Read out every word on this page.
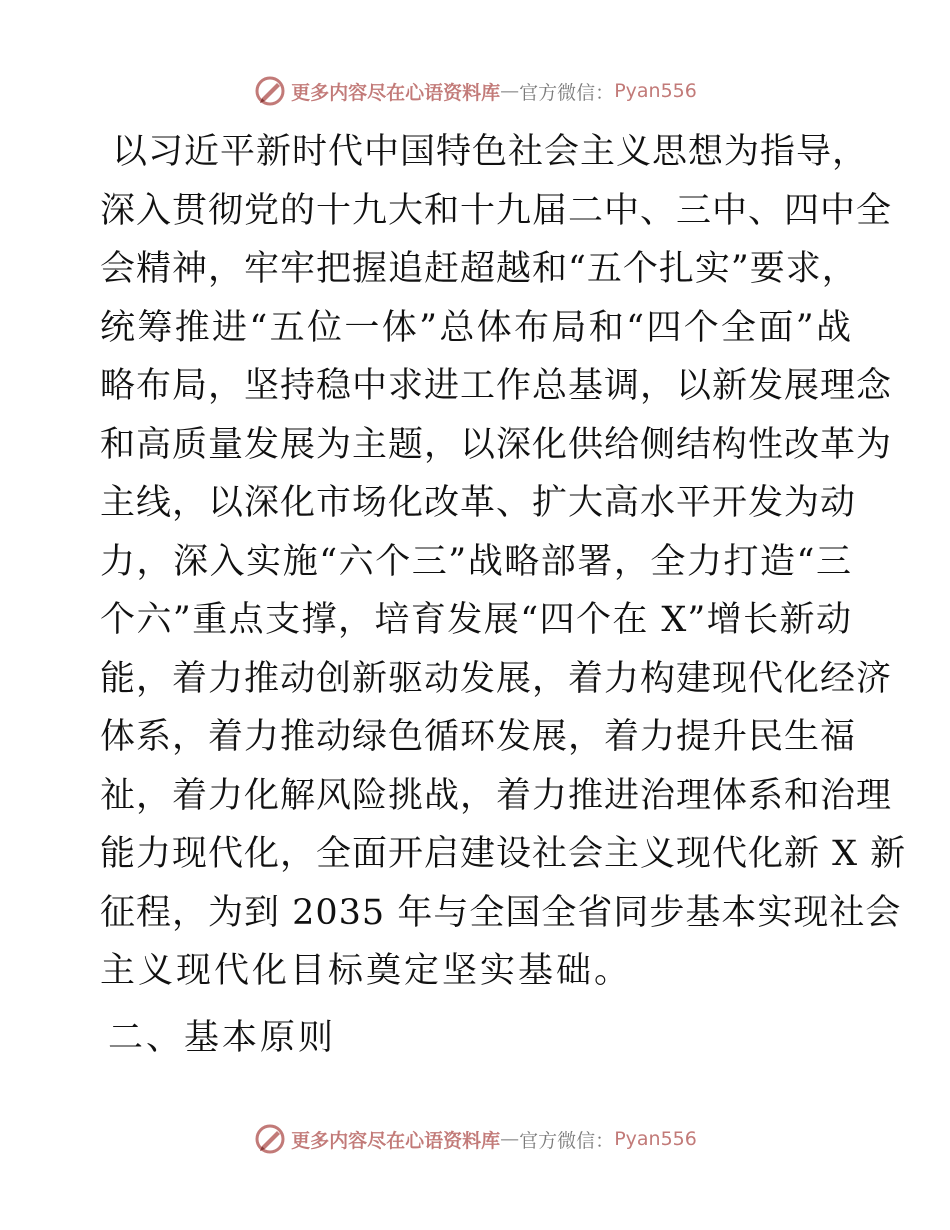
更多内容尽在心语资料库 — 官方微信： Pyan556
以习近平新时代中国特色社会主义思想为指导，
深入贯彻党的十九大和十九届二中、三中、四中全
会精神，牢牢把握追赶超越和“五个扎实”要求，
统筹推进“五位一体”总体布局和“四个全面”战
略布局，坚持稳中求进工作总基调，以新发展理念
和高质量发展为主题，以深化供给侧结构性改革为
主线，以深化市场化改革、扩大高水平开发为动
力，深入实施“六个三”战略部署，全力打造“三
个六”重点支撑，培育发展“四个在 X”增长新动
能，着力推动创新驱动发展，着力构建现代化经济
体系，着力推动绿色循环发展，着力提升民生福
祉，着力化解风险挑战，着力推进治理体系和治理
能力现代化，全面开启建设社会主义现代化新 X 新
征程，为到 2035 年与全国全省同步基本实现社会
主义现代化目标奠定坚实基础。
二、基本原则
更多内容尽在心语资料库 — 官方微信： Pyan556
